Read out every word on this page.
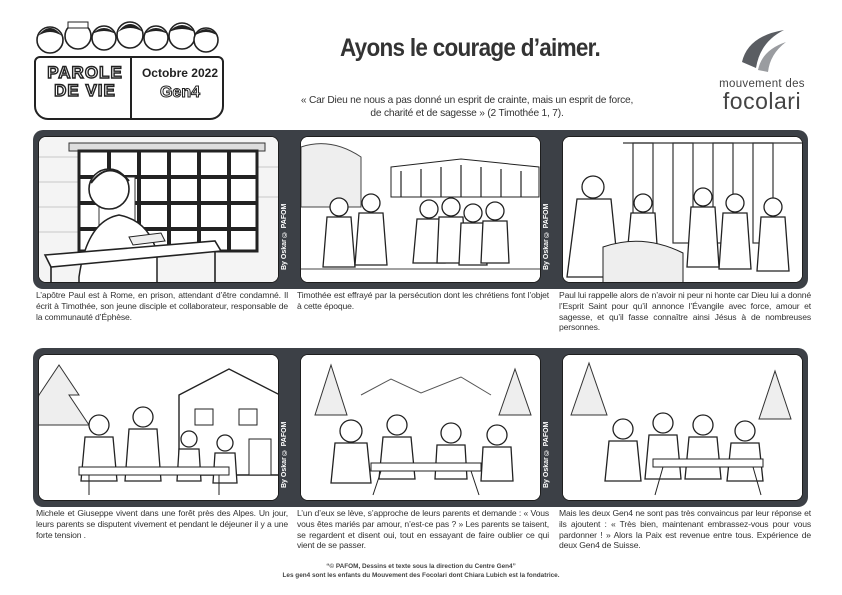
PAROLE
DE VIE
Octobre 2022
Gen4
Ayons le courage d’aimer.
« Car Dieu ne nous a pas donné un esprit de crainte, mais un esprit de force,
de charité et de sagesse » (2 Timothée 1, 7).
mouvement des
focolari
By Oskar © PAFOM	By Oskar © PAFOM	By Oskar © PAFOM
L’apôtre Paul est à Rome, en prison, attendant d’être condamné. Il écrit à Timothée, son jeune disciple et collaborateur, responsable de la communauté d’Éphèse.
Timothée est effrayé par la persécution dont les chrétiens font l’objet à cette époque.
Paul lui rappelle alors de n’avoir ni peur ni honte car Dieu lui a donné l’Esprit Saint pour qu’il annonce l’Évangile avec force, amour et sagesse, et qu’il fasse connaître ainsi Jésus à de nombreuses personnes.
By Oskar © PAFOM	By Oskar © PAFOM	By Oskar © PAFOM
Michele et Giuseppe vivent dans une forêt près des Alpes. Un jour, leurs parents se disputent vivement et pendant le déjeuner il y a une forte tension .
L’un d’eux se lève, s’approche de leurs parents et demande : « Vous vous êtes mariés par amour, n’est-ce pas ? » Les parents se taisent, se regardent et disent oui, tout en essayant de faire oublier ce qui vient de se passer.
Mais les deux Gen4 ne sont pas très convaincus par leur réponse et ils ajoutent : « Très bien, maintenant embrassez-vous pour vous pardonner ! » Alors la Paix est revenue entre tous. Expérience de deux Gen4 de Suisse.
“© PAFOM, Dessins et texte sous la direction du Centre Gen4”
Les gen4 sont les enfants du Mouvement des Focolari dont Chiara Lubich est la fondatrice.
